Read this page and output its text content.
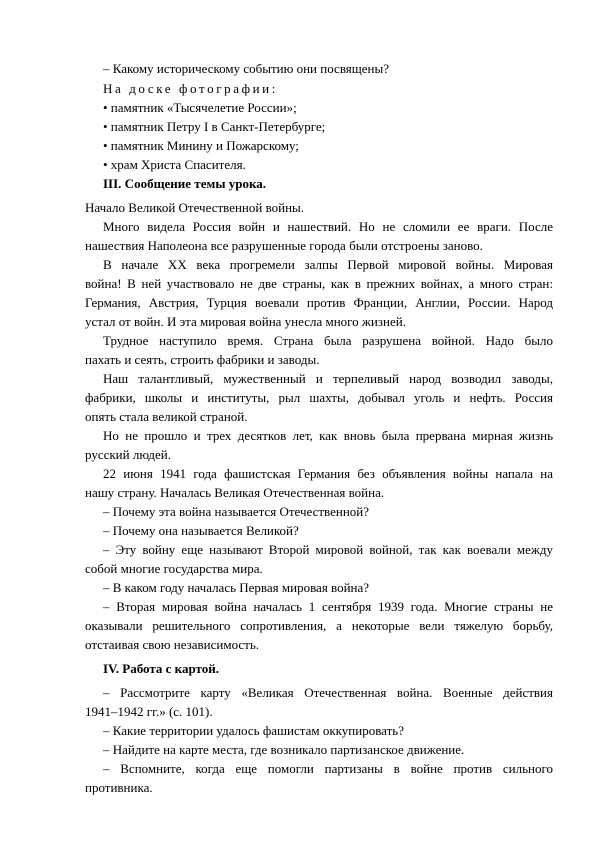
– Какому историческому событию они посвящены?
На доске фотографии:
• памятник «Тысячелетие России»;
• памятник Петру I в Санкт-Петербурге;
• памятник Минину и Пожарскому;
• храм Христа Спасителя.
III. Сообщение темы урока.
Начало Великой Отечественной войны.
Много видела Россия войн и нашествий. Но не сломили ее враги. После
нашествия Наполеона все разрушенные города были отстроены заново.
В начале XX века прогремели залпы Первой мировой войны. Мировая
война! В ней участвовало не две страны, как в прежних войнах, а много стран:
Германия, Австрия, Турция воевали против Франции, Англии, России. Народ
устал от войн. И эта мировая война унесла много жизней.
Трудное наступило время. Страна была разрушена войной. Надо было
пахать и сеять, строить фабрики и заводы.
Наш талантливый, мужественный и терпеливый народ возводил заводы,
фабрики, школы и институты, рыл шахты, добывал уголь и нефть. Россия
опять стала великой страной.
Но не прошло и трех десятков лет, как вновь была прервана мирная жизнь
русский людей.
22 июня 1941 года фашистская Германия без объявления войны напала на
нашу страну. Началась Великая Отечественная война.
– Почему эта война называется Отечественной?
– Почему она называется Великой?
– Эту войну еще называют Второй мировой войной, так как воевали между
собой многие государства мира.
– В каком году началась Первая мировая война?
– Вторая мировая война началась 1 сентября 1939 года. Многие страны не
оказывали решительного сопротивления, а некоторые вели тяжелую борьбу,
отстаивая свою независимость.
IV. Работа с картой.
– Рассмотрите карту «Великая Отечественная война. Военные действия
1941–1942 гг.» (с. 101).
– Какие территории удалось фашистам оккупировать?
– Найдите на карте места, где возникало партизанское движение.
– Вспомните, когда еще помогли партизаны в войне против сильного
противника.
